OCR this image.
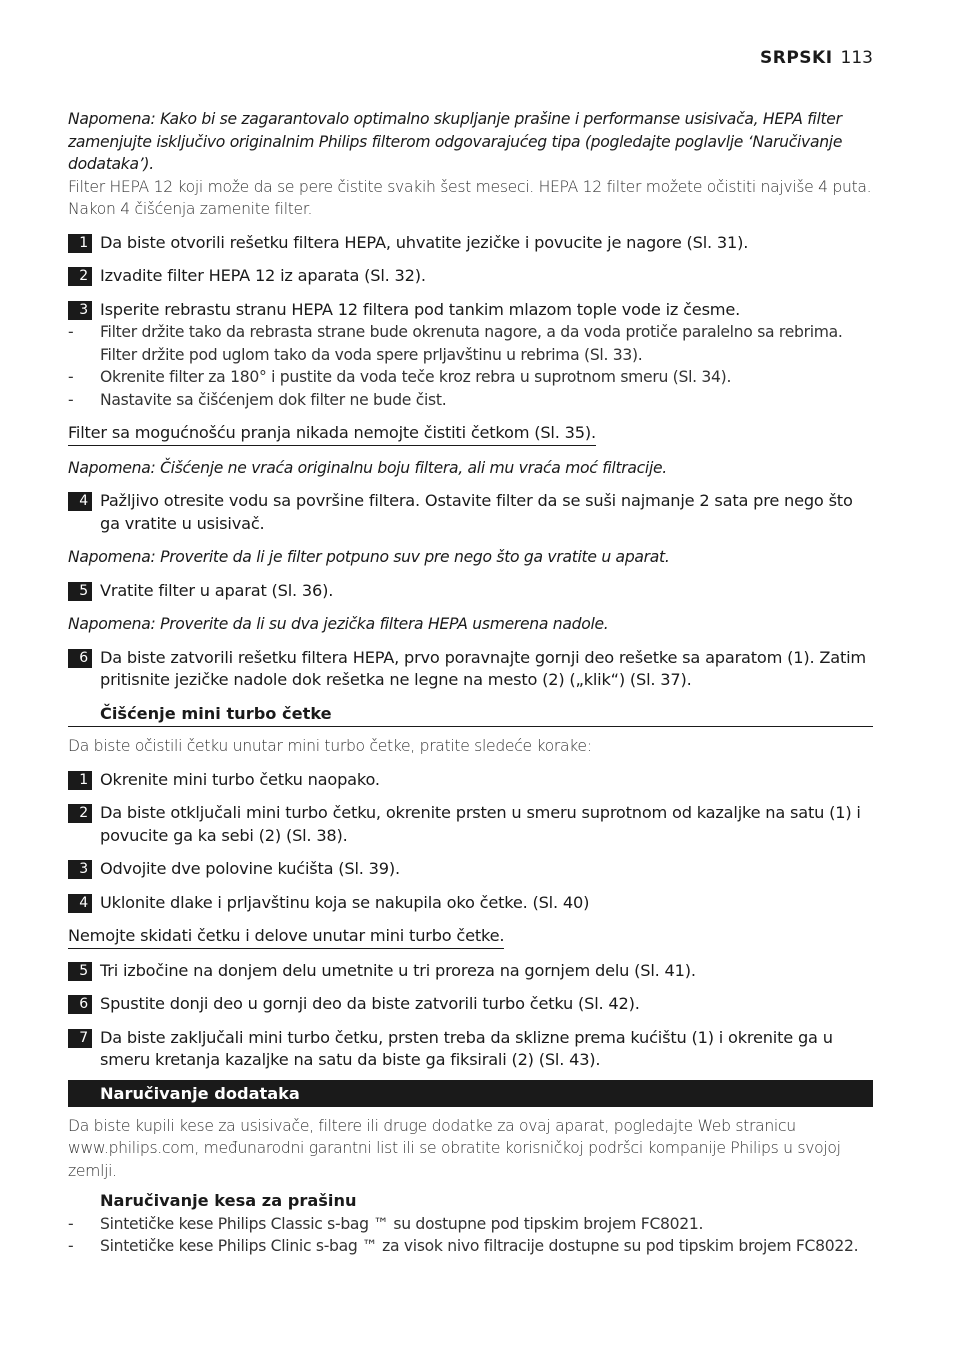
SRPSKI 113

Napomena: Kako bi se zagarantovalo optimalno skupljanje prašine i performanse usisivača, HEPA filter zamenjujte isključivo originalnim Philips filterom odgovarajućeg tipa (pogledajte poglavlje ‘Naručivanje dodataka’).

Filter HEPA 12 koji može da se pere čistite svakih šest meseci. HEPA 12 filter možete očistiti najviše 4 puta. Nakon 4 čišćenja zamenite filter.

1 Da biste otvorili rešetku filtera HEPA, uhvatite jezičke i povucite je nagore (Sl. 31).
2 Izvadite filter HEPA 12 iz aparata (Sl. 32).
3 Isperite rebrastu stranu HEPA 12 filtera pod tankim mlazom tople vode iz česme.
- Filter držite tako da rebrasta strane bude okrenuta nagore, a da voda protiče paralelno sa rebrima. Filter držite pod uglom tako da voda spere prljavštinu u rebrima (Sl. 33).
- Okrenite filter za 180° i pustite da voda teče kroz rebra u suprotnom smeru (Sl. 34).
- Nastavite sa čišćenjem dok filter ne bude čist.
Filter sa mogućnošću pranja nikada nemojte čistiti četkom (Sl. 35).

Napomena: Čišćenje ne vraća originalnu boju filtera, ali mu vraća moć filtracije.

4 Pažljivo otresite vodu sa površine filtera. Ostavite filter da se suši najmanje 2 sata pre nego što ga vratite u usisivač.

Napomena: Proverite da li je filter potpuno suv pre nego što ga vratite u aparat.

5 Vratite filter u aparat (Sl. 36).

Napomena: Proverite da li su dva jezička filtera HEPA usmerena nadole.

6 Da biste zatvorili rešetku filtera HEPA, prvo poravnajte gornji deo rešetke sa aparatom (1). Zatim pritisnite jezičke nadole dok rešetka ne legne na mesto (2) („klik“) (Sl. 37).
Čišćenje mini turbo četke

Da biste očistili četku unutar mini turbo četke, pratite sledeće korake:

1 Okrenite mini turbo četku naopako.
2 Da biste otključali mini turbo četku, okrenite prsten u smeru suprotnom od kazaljke na satu (1) i povucite ga ka sebi (2) (Sl. 38).
3 Odvojite dve polovine kućišta (Sl. 39).
4 Uklonite dlake i prljavštinu koja se nakupila oko četke. (Sl. 40)
Nemojte skidati četku i delove unutar mini turbo četke.
5 Tri izbočine na donjem delu umetnite u tri proreza na gornjem delu (Sl. 41).
6 Spustite donji deo u gornji deo da biste zatvorili turbo četku (Sl. 42).
7 Da biste zaključali mini turbo četku, prsten treba da sklizne prema kućištu (1) i okrenite ga u smeru kretanja kazaljke na satu da biste ga fiksirali (2) (Sl. 43).
Naručivanje dodataka

Da biste kupili kese za usisivače, filtere ili druge dodatke za ovaj aparat, pogledajte Web stranicu www.philips.com, međunarodni garantni list ili se obratite korisničkoj podršci kompanije Philips u svojoj zemlji.

Naručivanje kesa za prašinu

- Sintetičke kese Philips Classic s-bag ™ su dostupne pod tipskim brojem FC8021.
- Sintetičke kese Philips Clinic s-bag ™ za visok nivo filtracije dostupne su pod tipskim brojem FC8022.
